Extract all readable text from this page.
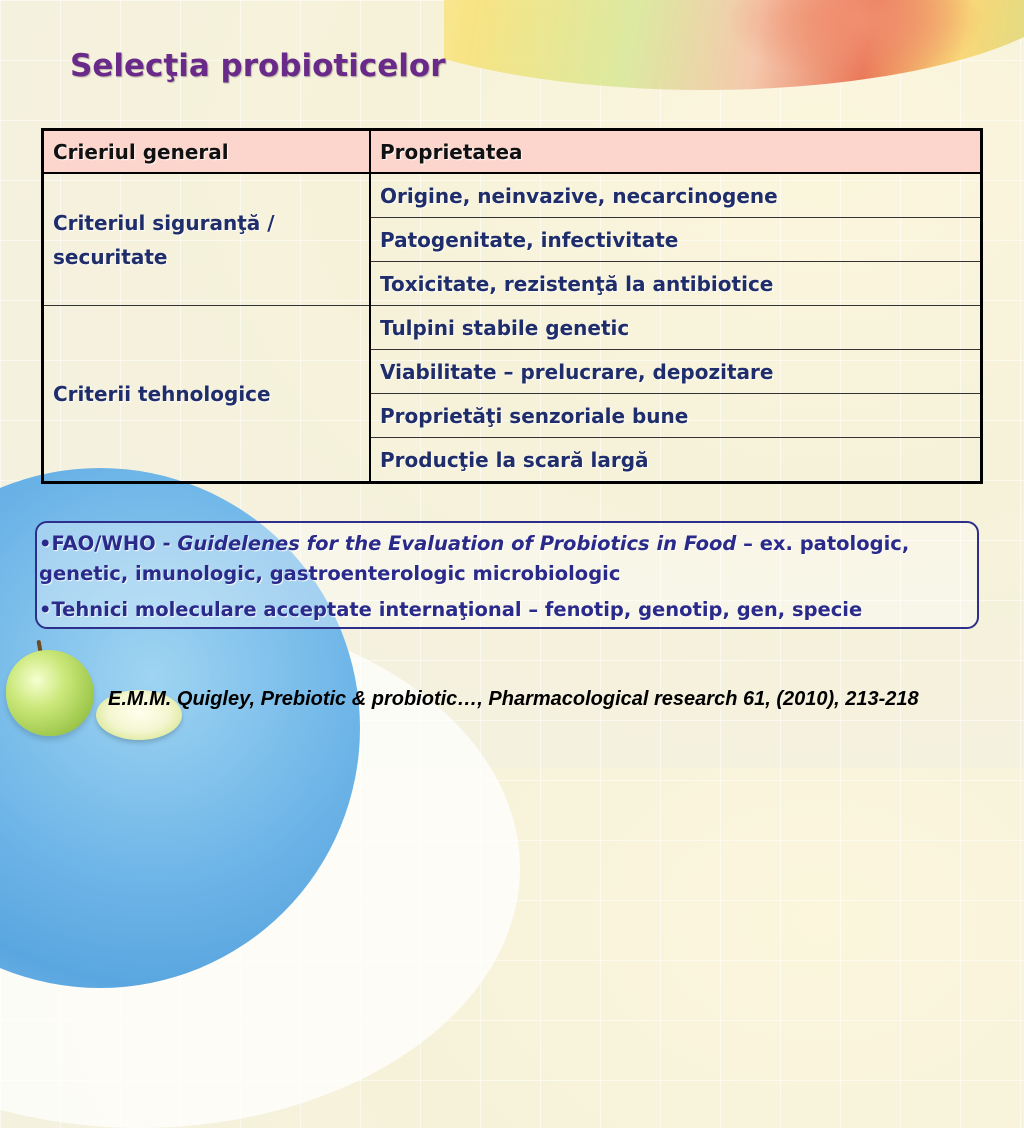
Selecţia probioticelor
Crieriul general	Proprietatea
Criteriul siguranţă / securitate	Origine, neinvazive, necarcinogene
	Patogenitate, infectivitate
	Toxicitate, rezistenţă la antibiotice
Criterii tehnologice	Tulpini stabile genetic
	Viabilitate – prelucrare, depozitare
	Proprietăţi senzoriale bune
	Producţie la scară largă

•FAO/WHO - Guidelenes for the Evaluation of Probiotics in Food – ex. patologic, genetic, imunologic, gastroenterologic microbiologic

•Tehnici moleculare acceptate internaţional – fenotip, genotip, gen, specie

E.M.M. Quigley, Prebiotic & probiotic…, Pharmacological research 61, (2010), 213-218
